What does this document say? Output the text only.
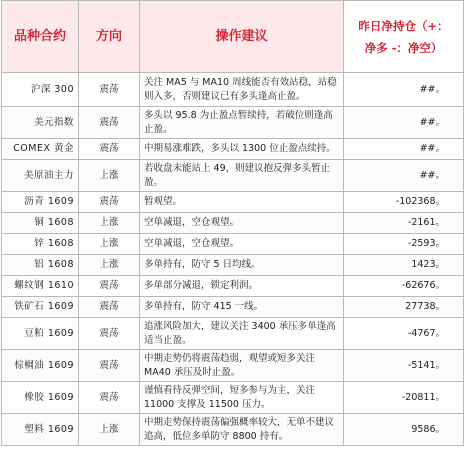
品种合约	方向	操作建议	昨日净持仓（+：
净多 -：净空）

沪深 300	震荡	关注 MA5 与 MA10 周线能否有效站稳，站稳则入多，否则建议已有多头逢高止盈。	##。
美元指数	震荡	多头以 95.8 为止盈点暂续持，若破位则逢高止盈。	##。
COMEX 黄金	震荡	中期易涨难跌，多头以 1300 位止盈点续持。	##。
美原油主力	上涨	若收盘未能站上 49，则建议抱反弹多头暂止盈。	##。
沥青 1609	震荡	暂观望。	-102368。
铜 1608	上涨	空单减退，空仓观望。	-2161。
锌 1608	上涨	空单减退，空仓观望。	-2593。
铝 1608	上涨	多单持有，防守 5 日均线。	1423。
螺纹钢 1610	震荡	多单部分减退，锁定利润。	-62676。
铁矿石 1609	震荡	多单持有，防守 415 一线。	27738。
豆粕 1609	震荡	追涨风险加大，建议关注 3400 承压多单逢高适当止盈。	-4767。
棕榈油 1609	震荡	中期走势仍将震荡趋弱，观望或短多关注 MA40 承压及时止盈。	-5141。
橡胶 1609	震荡	谨慎看待反弹空间，短多参与为主，关注 11000 支撑及 11500 压力。	-20811。
塑料 1609	上涨	中期走势保持震荡偏强概率较大，无单不建议追高，低位多单防守 8800 持有。	9586。
